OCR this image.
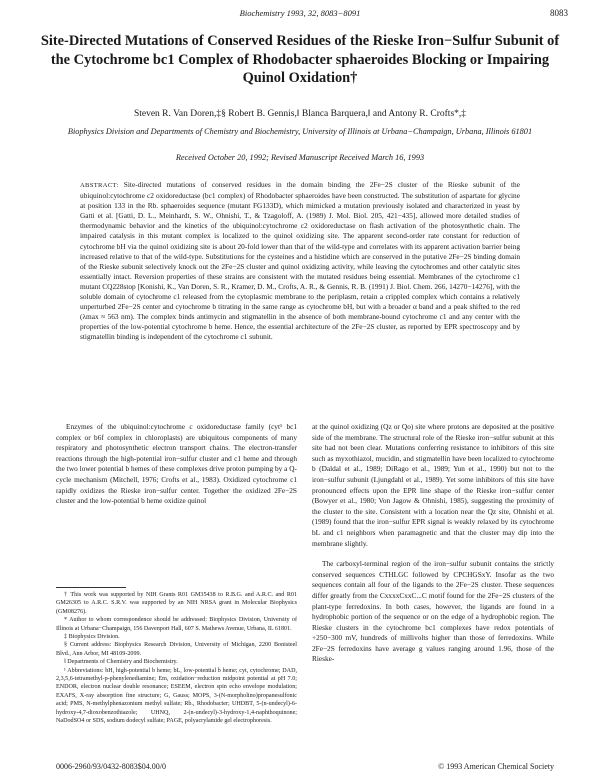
Biochemistry 1993, 32, 8083−8091	8083
Site-Directed Mutations of Conserved Residues of the Rieske Iron−Sulfur Subunit of the Cytochrome bc1 Complex of Rhodobacter sphaeroides Blocking or Impairing Quinol Oxidation†
Steven R. Van Doren,‡§ Robert B. Gennis,‖ Blanca Barquera,‖ and Antony R. Crofts*,‡
Biophysics Division and Departments of Chemistry and Biochemistry, University of Illinois at Urbana−Champaign, Urbana, Illinois 61801
Received October 20, 1992; Revised Manuscript Received March 16, 1993
ABSTRACT: Site-directed mutations of conserved residues in the domain binding the 2Fe−2S cluster of the Rieske subunit of the ubiquinol:cytochrome c2 oxidoreductase (bc1 complex) of Rhodobacter sphaeroides have been constructed. The substitution of aspartate for glycine at position 133 in the Rb. sphaeroides sequence (mutant FG133D), which mimicked a mutation previously isolated and characterized in yeast by Gatti et al. [Gatti, D. L., Meinhardt, S. W., Ohnishi, T., & Tzagoloff, A. (1989) J. Mol. Biol. 205, 421−435], allowed more detailed studies of thermodynamic behavior and the kinetics of the ubiquinol:cytochrome c2 oxidoreductase on flash activation of the photosynthetic chain. The impaired catalysis in this mutant complex is localized to the quinol oxidizing site. The apparent second-order rate constant for reduction of cytochrome bH via the quinol oxidizing site is about 20-fold lower than that of the wild-type and correlates with its apparent activation barrier being increased relative to that of the wild-type. Substitutions for the cysteines and a histidine which are conserved in the putative 2Fe−2S binding domain of the Rieske subunit selectively knock out the 2Fe−2S cluster and quinol oxidizing activity, while leaving the cytochromes and other catalytic sites essentially intact. Reversion properties of these strains are consistent with the mutated residues being essential. Membranes of the cytochrome c1 mutant CQ228stop [Konishi, K., Van Doren, S. R., Kramer, D. M., Crofts, A. R., & Gennis, R. B. (1991) J. Biol. Chem. 266, 14270−14276], with the soluble domain of cytochrome c1 released from the cytoplasmic membrane to the periplasm, retain a crippled complex which contains a relatively unperturbed 2Fe−2S center and cytochrome b titrating in the same range as cytochrome bH, but with a broader α band and a peak shifted to the red (λmax ≈ 563 nm). The complex binds antimycin and stigmatellin in the absence of both membrane-bound cytochrome c1 and any center with the properties of the low-potential cytochrome b heme. Hence, the essential architecture of the 2Fe−2S cluster, as reported by EPR spectroscopy and by stigmatellin binding is independent of the cytochrome c1 subunit.

Enzymes of the ubiquinol:cytochrome c oxidoreductase family (cyt¹ bc1 complex or b6f complex in chloroplasts) are ubiquitous components of many respiratory and photosynthetic electron transport chains. The electron-transfer reactions through the high-potential iron−sulfur cluster and c1 heme and through the two lower potential b hemes of these complexes drive proton pumping by a Q-cycle mechanism (Mitchell, 1976; Crofts et al., 1983). Oxidized cytochrome c1 rapidly oxidizes the Rieske iron−sulfur center. Together the oxidized 2Fe−2S cluster and the low-potential b heme oxidize quinol

at the quinol oxidizing (Qz or Qo) site where protons are deposited at the positive side of the membrane. The structural role of the Rieske iron−sulfur subunit at this site had not been clear. Mutations conferring resistance to inhibitors of this site such as myxothiazol, mucidin, and stigmatellin have been localized to cytochrome b (Daldal et al., 1989; DiRago et al., 1989; Yun et al., 1990) but not to the iron−sulfur subunit (Ljungdahl et al., 1989). Yet some inhibitors of this site have pronounced effects upon the EPR line shape of the Rieske iron−sulfur center (Bowyer et al., 1980; Von Jagow & Ohnishi, 1985), suggesting the proximity of the cluster to the site. Consistent with a location near the Qz site, Ohnishi et al. (1989) found that the iron−sulfur EPR signal is weakly relaxed by its cytochrome bL and c1 neighbors when paramagnetic and that the cluster may dip into the membrane slightly.

The carboxyl-terminal region of the iron−sulfur subunit contains the strictly conserved sequences CTHLGC followed by CPCHGSxY. Insofar as the two sequences contain all four of the ligands to the 2Fe−2S cluster. These sequences differ greatly from the CxxxxCxxC...C motif found for the 2Fe−2S clusters of the plant-type ferredoxins. In both cases, however, the ligands are found in a hydrophobic portion of the sequence or on the edge of a hydrophobic region. The Rieske clusters in the cytochrome bc1 complexes have redox potentials of +250−300 mV, hundreds of millivolts higher than those of ferredoxins. While 2Fe−2S ferredoxins have average g values ranging around 1.96, those of the Rieske-

† This work was supported by NIH Grants R01 GM35438 to R.B.G. and A.R.C. and R01 GM26305 to A.R.C. S.R.V. was supported by an NIH NRSA grant in Molecular Biophysics (GM08276).

* Author to whom correspondence should be addressed: Biophysics Division, University of Illinois at Urbana−Champaign, 156 Davenport Hall, 607 S. Mathews Avenue, Urbana, IL 61801.

‡ Biophysics Division.

§ Current address: Biophysics Research Division, University of Michigan, 2200 Bonisteel Blvd., Ann Arbor, MI 48109-2099.

‖ Departments of Chemistry and Biochemistry.

¹ Abbreviations: bH, high-potential b heme; bL, low-potential b heme; cyt, cytochrome; DAD, 2,3,5,6-tetramethyl-p-phenylenediamine; Em, oxidation−reduction midpoint potential at pH 7.0; ENDOR, electron nuclear double resonance; ESEEM, electron spin echo envelope modulation; EXAFS, X-ray absorption fine structure; G, Gauss; MOPS, 3-(N-morpholino)propanesulfonic acid; PMS, N-methylphenazonium methyl sulfate; Rb., Rhodobacter; UHDBT, 5-(n-undecyl)-6-hydroxy-4,7-dioxobenzothiazole; UHNQ, 2-(n-undecyl)-3-hydroxy-1,4-naphthoquinone; NaDodSO4 or SDS, sodium dodecyl sulfate; PAGE, polyacrylamide gel electrophoresis.

0006-2960/93/0432-8083$04.00/0	© 1993 American Chemical Society
